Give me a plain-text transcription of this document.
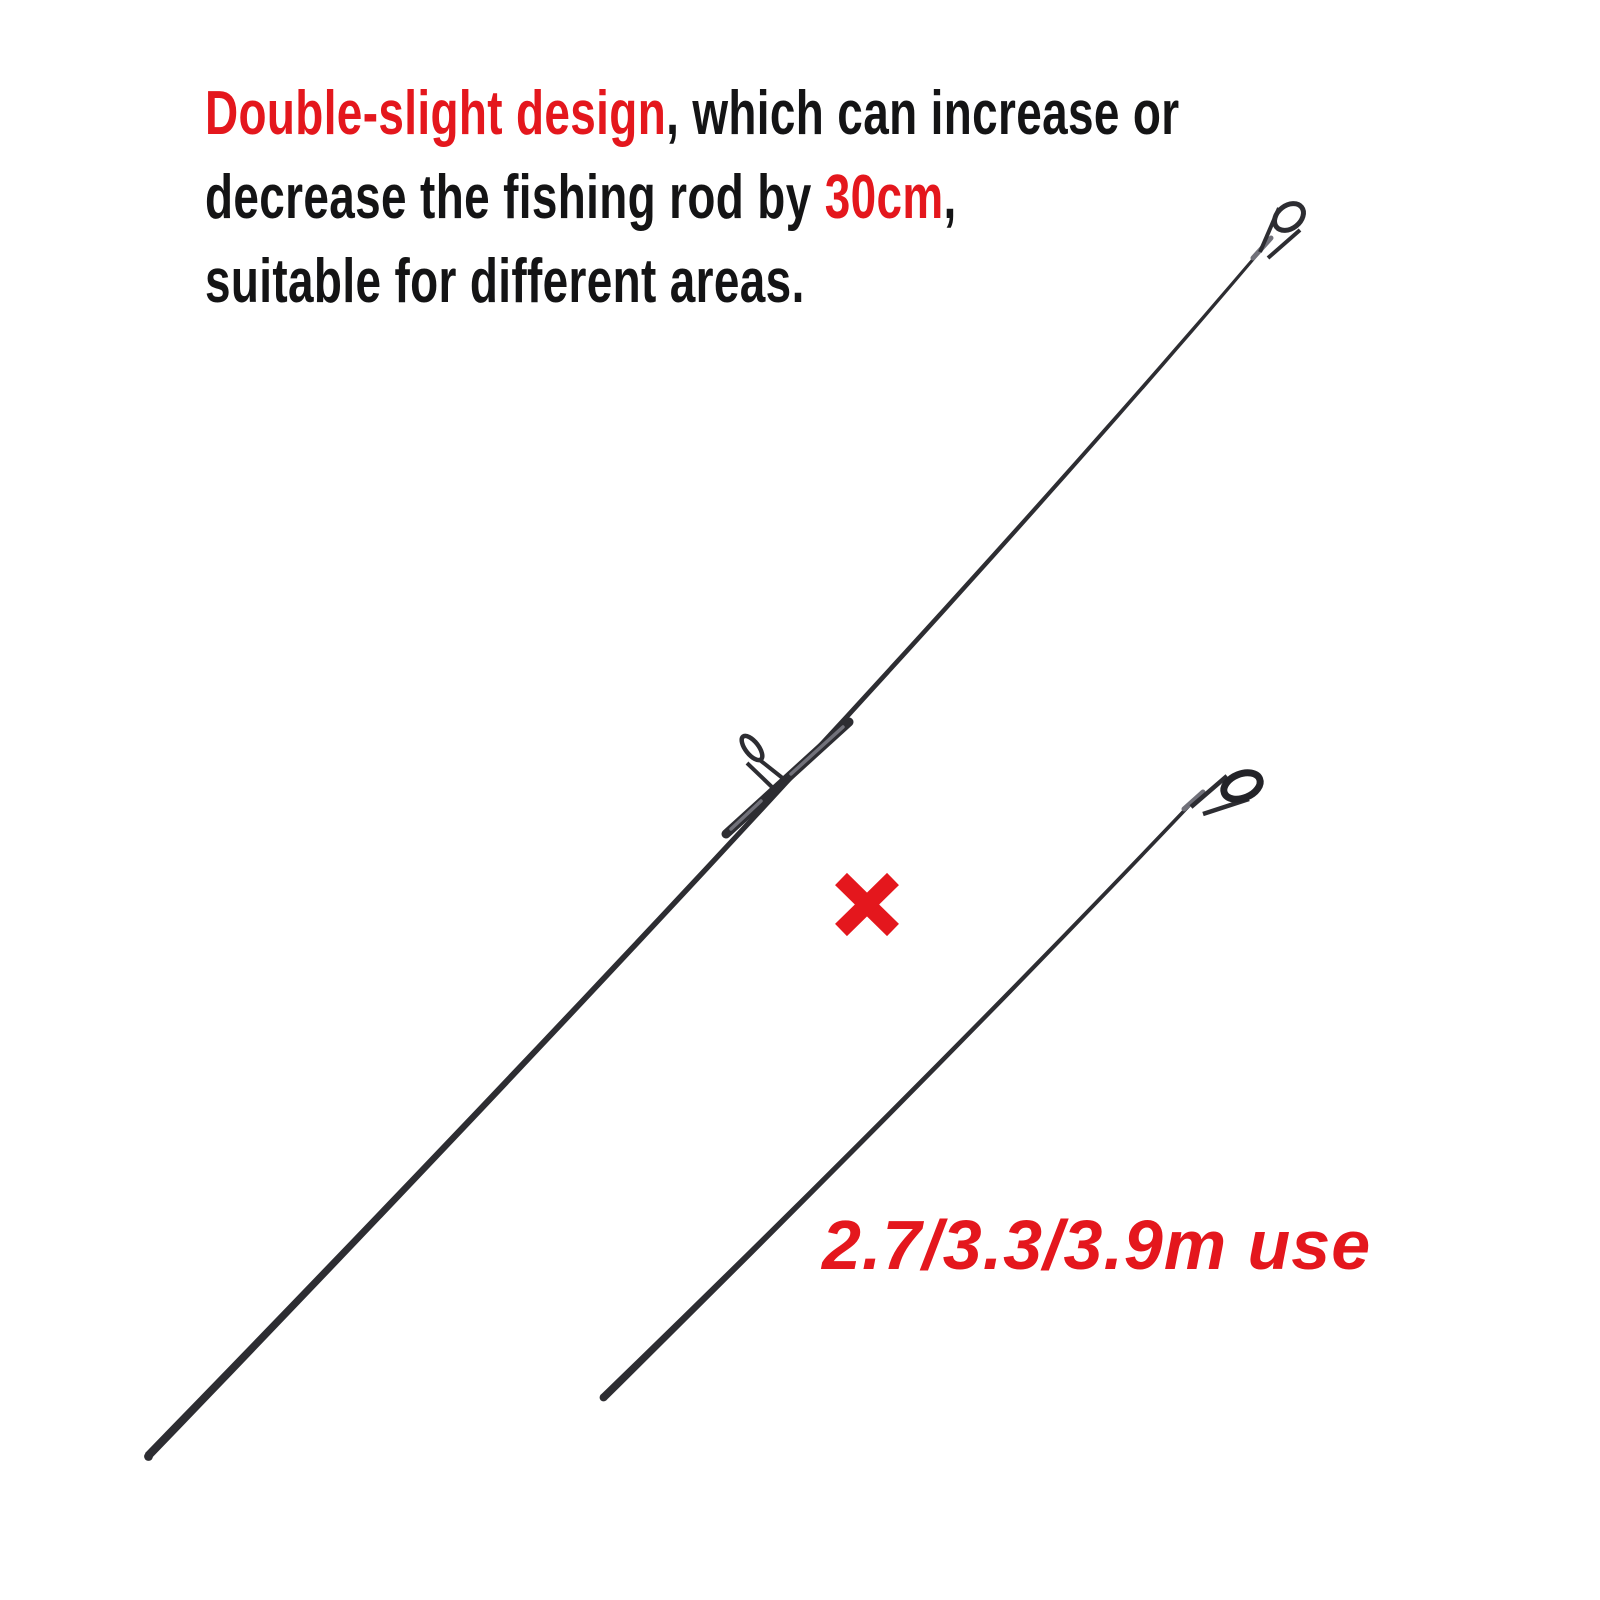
Double-slight design, which can increase or
decrease the fishing rod by 30cm,
suitable for different areas.
2.7/3.3/3.9m use
